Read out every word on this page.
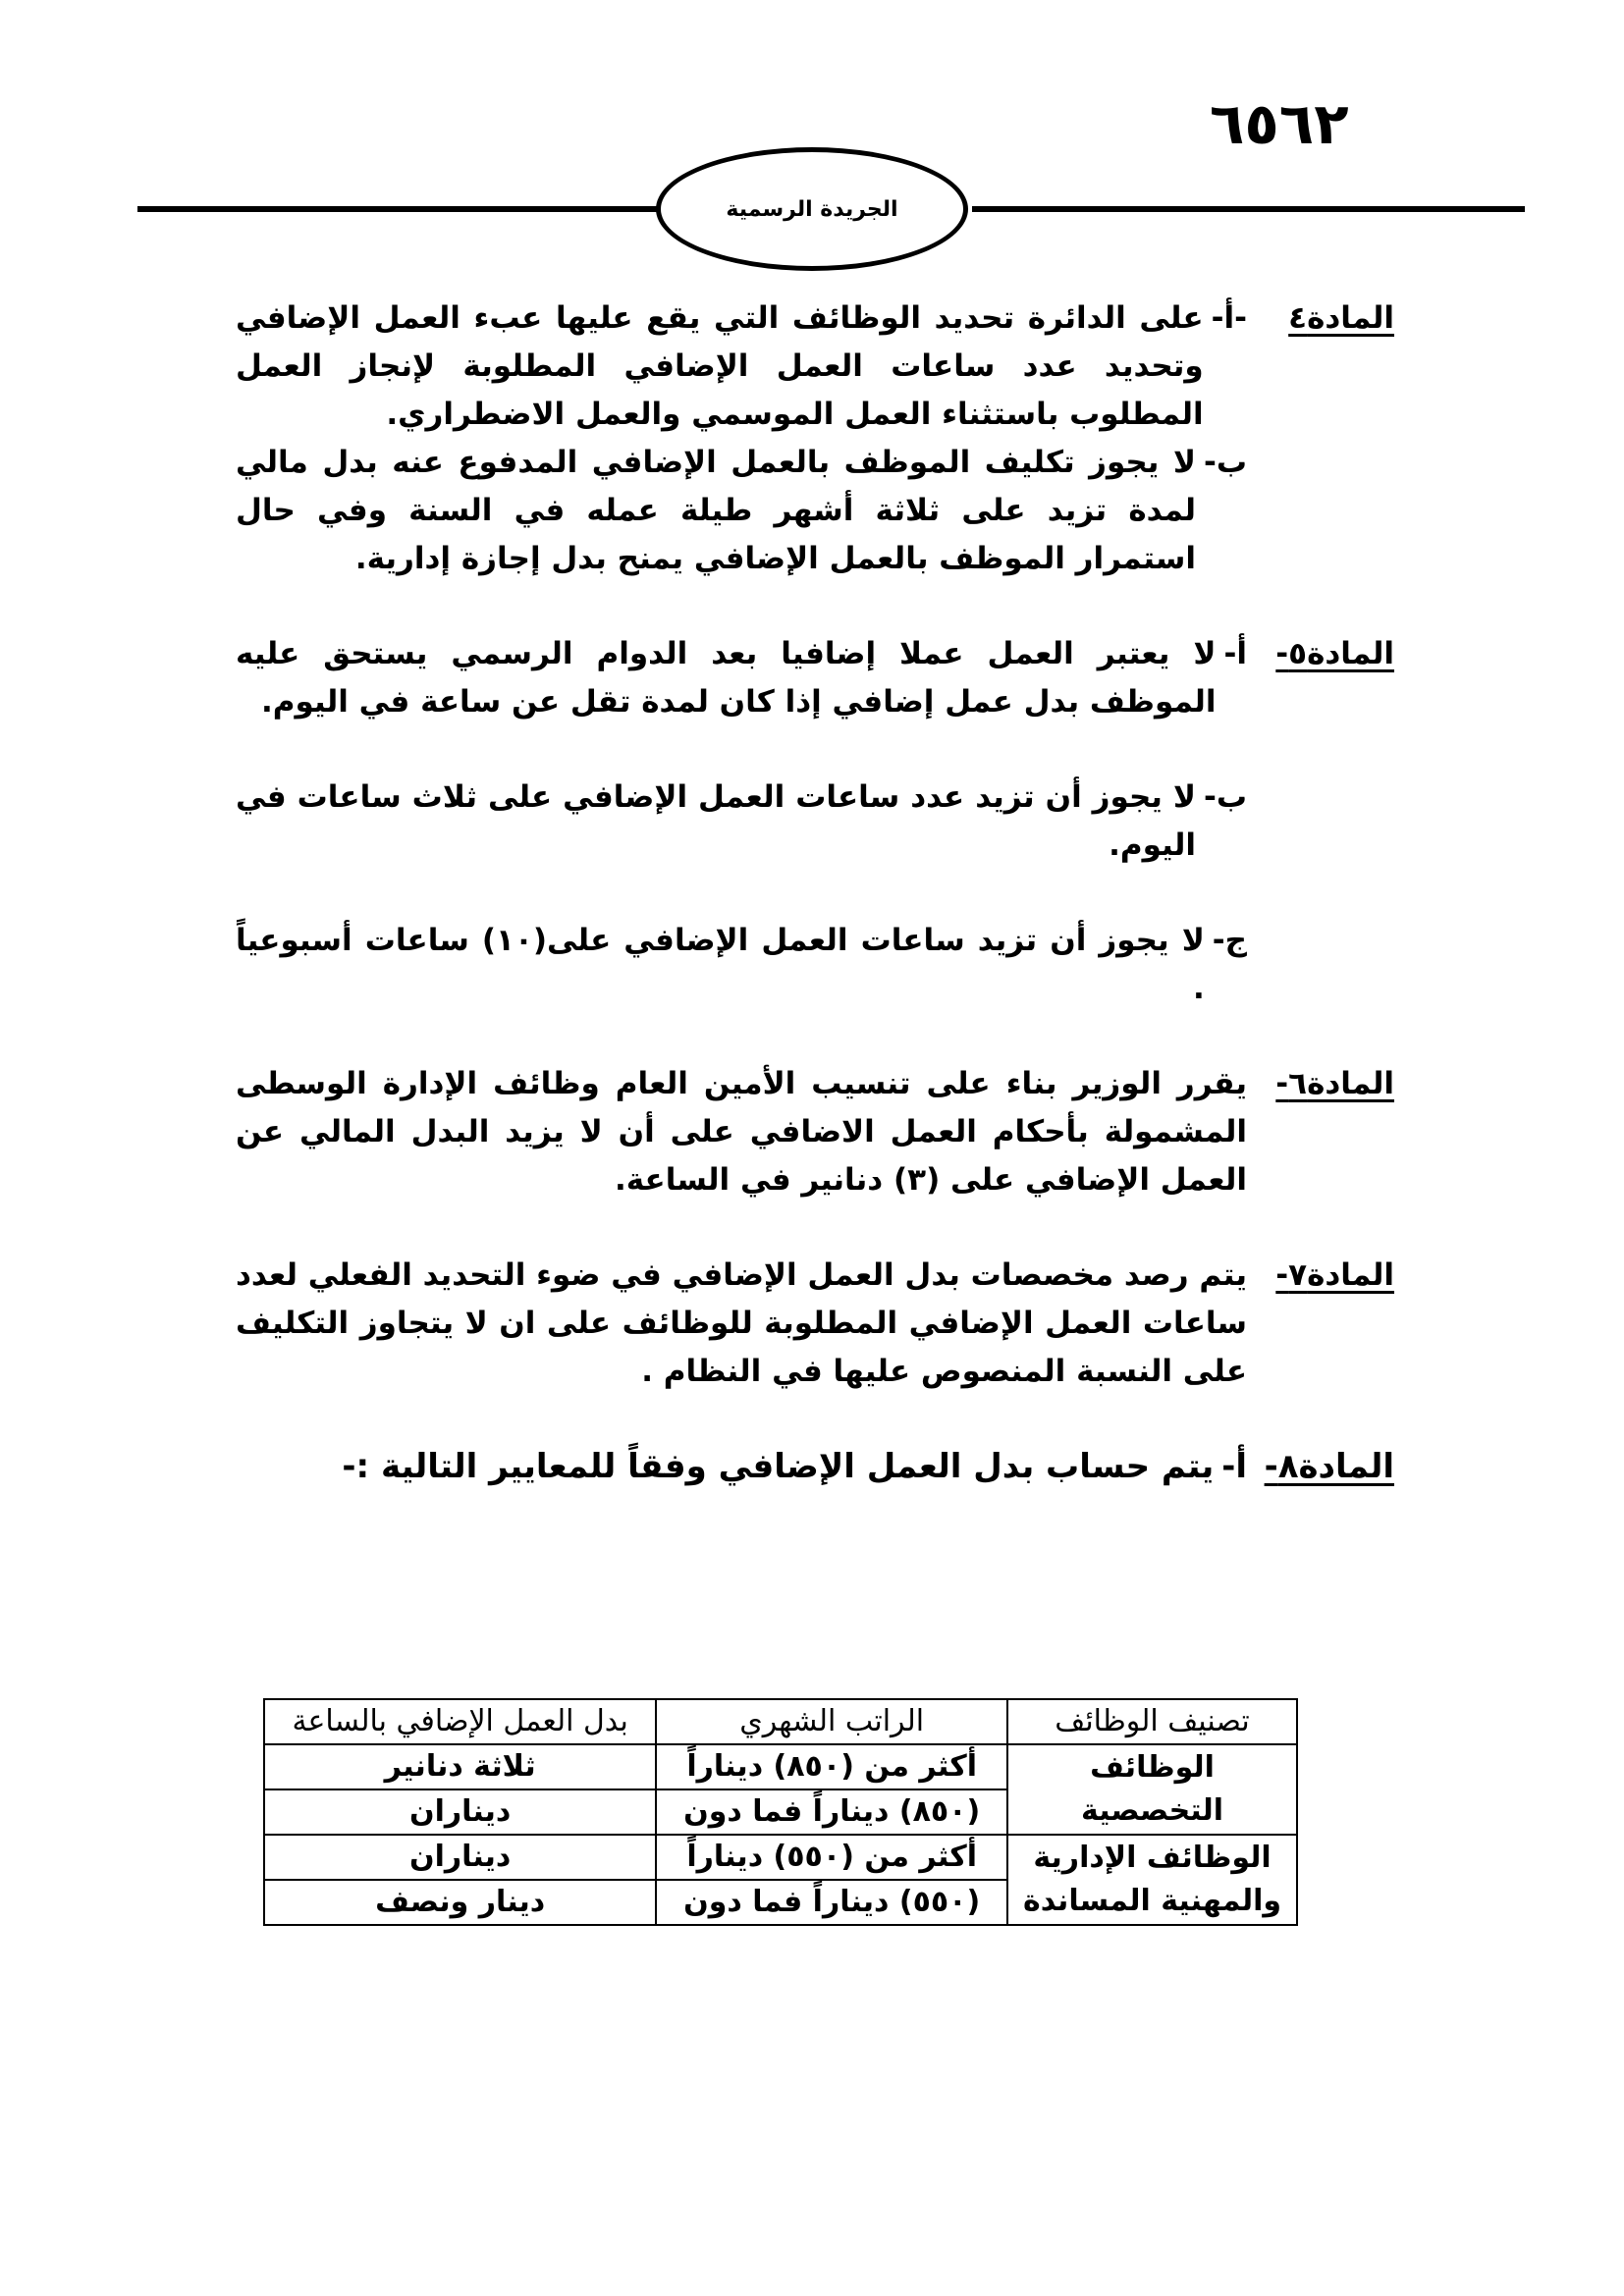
٦٥٦٢
الجريدة الرسمية
المادة٤
-أ-
على الدائرة تحديد الوظائف التي يقع عليها عبء العمل الإضافي وتحديد عدد ساعات العمل الإضافي المطلوبة لإنجاز العمل المطلوب باستثناء العمل الموسمي والعمل الاضطراري.
ب-
لا يجوز تكليف الموظف بالعمل الإضافي المدفوع عنه بدل مالي لمدة تزيد على ثلاثة أشهر طيلة عمله في السنة وفي حال استمرار الموظف بالعمل الإضافي يمنح بدل إجازة إدارية.
المادة٥-
أ-
لا يعتبر العمل عملا إضافيا بعد الدوام الرسمي يستحق عليه الموظف بدل عمل إضافي إذا كان لمدة تقل عن ساعة في اليوم.
ب-
لا يجوز أن تزيد عدد ساعات العمل الإضافي على ثلاث ساعات في اليوم.
ج-
لا يجوز أن تزيد ساعات العمل الإضافي على(١٠) ساعات أسبوعياً .
المادة٦-
يقرر الوزير بناء على تنسيب الأمين العام وظائف الإدارة الوسطى المشمولة بأحكام العمل الاضافي على أن لا يزيد البدل المالي عن العمل الإضافي على (٣) دنانير في الساعة.
المادة٧-
يتم رصد مخصصات بدل العمل الإضافي في ضوء التحديد الفعلي لعدد ساعات العمل الإضافي المطلوبة للوظائف على ان لا يتجاوز التكليف على النسبة المنصوص عليها في النظام .
المادة٨-
أ-
يتم حساب بدل العمل الإضافي وفقاً للمعايير التالية :-
تصنيف الوظائف	الراتب الشهري	بدل العمل الإضافي بالساعة
الوظائف التخصصية	أكثر من (٨٥٠) ديناراً	ثلاثة دنانير
	(٨٥٠) ديناراً فما دون	ديناران
الوظائف الإدارية والمهنية المساندة	أكثر من (٥٥٠) ديناراً	ديناران
	(٥٥٠) ديناراً فما دون	دينار ونصف
